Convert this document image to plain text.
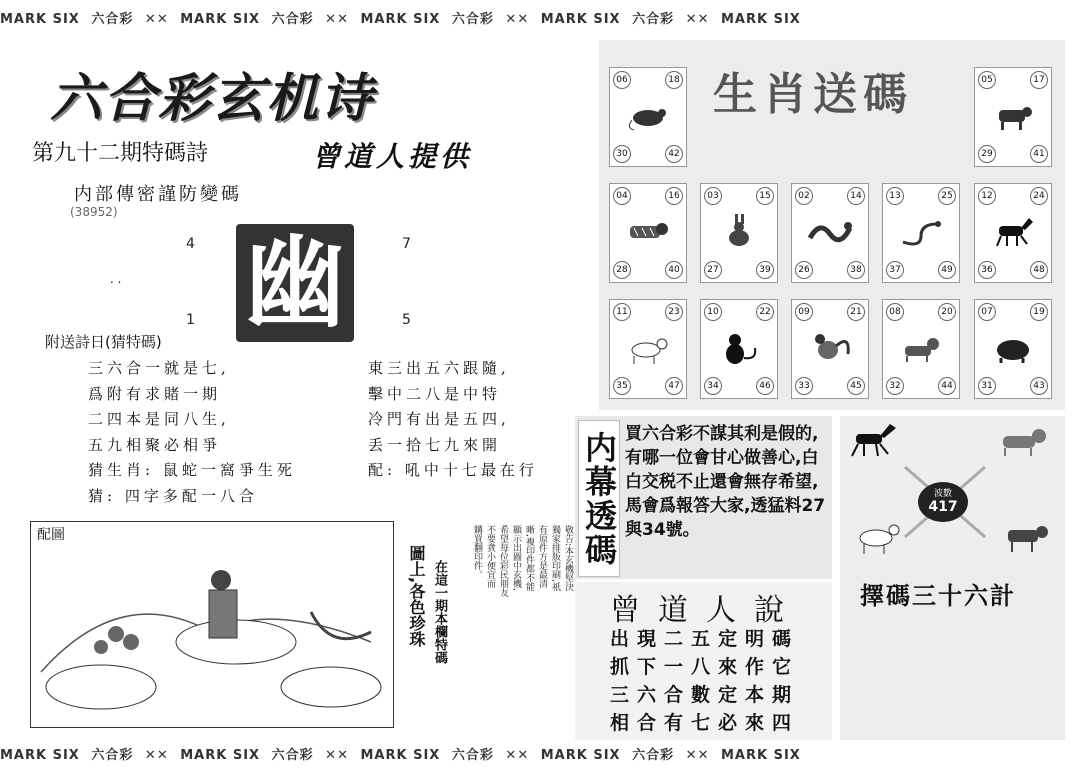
MARK SIX 六合彩 ✕✕ MARK SIX 六合彩 ✕✕ MARK SIX 六合彩 ✕✕ MARK SIX 六合彩 ✕✕ MARK SIX
MARK SIX 六合彩 ✕✕ MARK SIX 六合彩 ✕✕ MARK SIX 六合彩 ✕✕ MARK SIX 六合彩 ✕✕ MARK SIX
六合彩玄机诗
第九十二期特碼詩	曾道人提供
内部傳密謹防變碼
(38952)
4	7
1	5
幽
. .
附送詩日(猜特碼)
三六合一就是七,
爲附有求賭一期
二四本是同八生,
五九相聚必相爭
猜生肖: 鼠蛇一窩爭生死
猜: 四字多配一八合
東三出五六跟隨,
擊中二八是中特
冷門有出是五四,
丢一拾七九來開
配: 吼中十七最在行
配圖
圖上,各色珍珠 在這一期本欄特碼
購買翻印件。 不要貪小便宜而 希望每位彩民朋友 顯示出圖中玄機, 晰,複印件都不能 有原件方是最清 獨家排版印刷,祇 敬告:本玄機堅決
生肖送碼
06	18
30	42
05	17
29	41
04	16
28	40
03	15
27	39
02	14
26	38
13	25
37	49
12	24
36	48
11	23
35	47
10	22
34	46
09	21
33	45
08	20
32	44
07	19
31	43
内幕透碼 買六合彩不謀其利是假的,有哪一位會甘心做善心,白白交税不止還會無存希望,馬會爲報答大家,透猛料27與34號。
曾道人說
出現二五定明碼
抓下一八來作它
三六合數定本期
相合有七必來四
波數
417
擇碼三十六計
